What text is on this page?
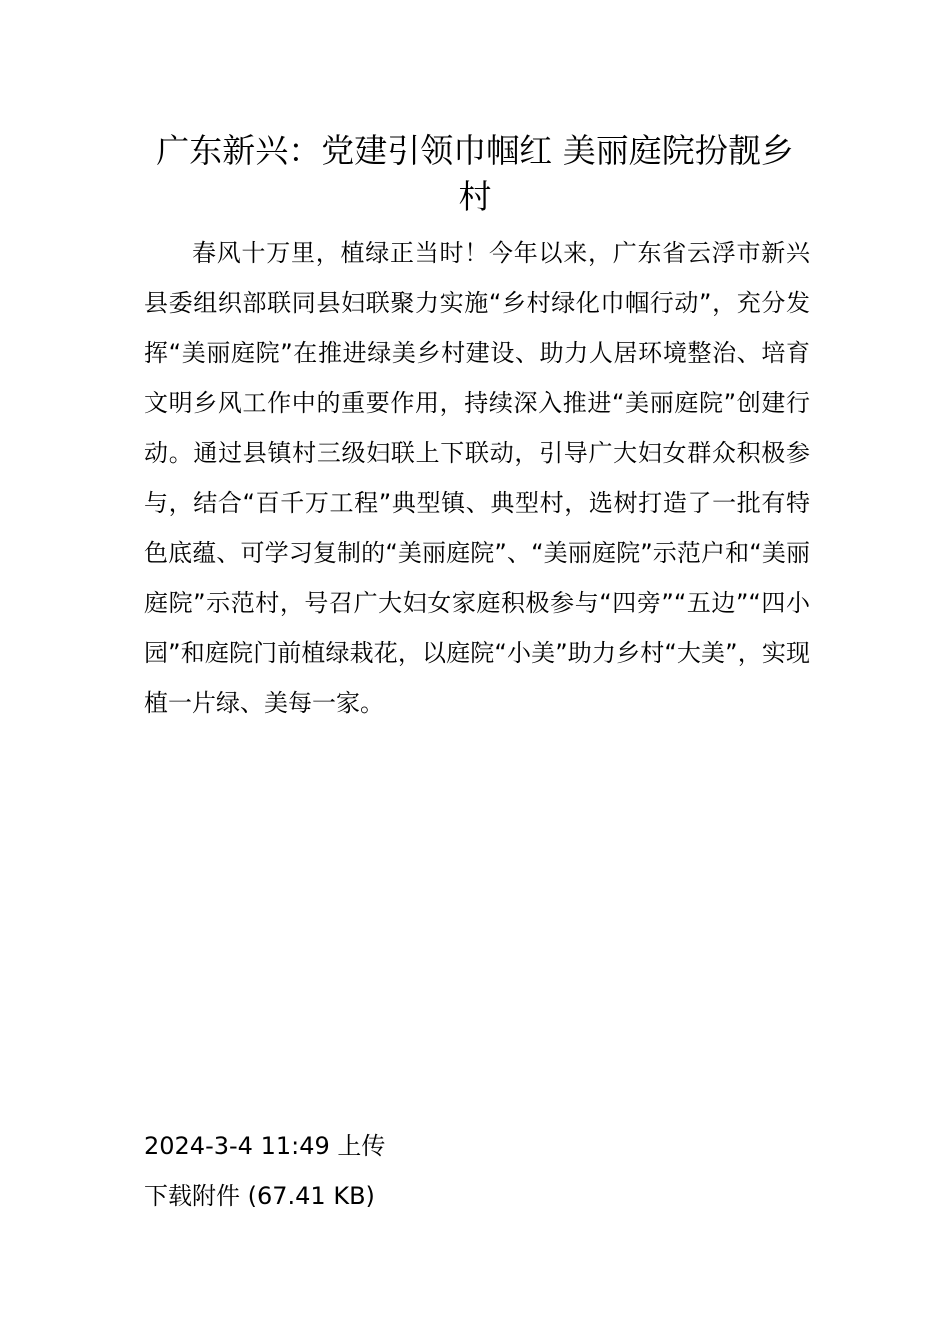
广东新兴：党建引领巾帼红 美丽庭院扮靓乡村

春风十万里，植绿正当时！今年以来，广东省云浮市新兴县委组织部联同县妇联聚力实施“乡村绿化巾帼行动”，充分发挥“美丽庭院”在推进绿美乡村建设、助力人居环境整治、培育文明乡风工作中的重要作用，持续深入推进“美丽庭院”创建行动。通过县镇村三级妇联上下联动，引导广大妇女群众积极参与，结合“百千万工程”典型镇、典型村，选树打造了一批有特色底蕴、可学习复制的“美丽庭院”、“美丽庭院”示范户和“美丽庭院”示范村，号召广大妇女家庭积极参与“四旁”“五边”“四小园”和庭院门前植绿栽花，以庭院“小美”助力乡村“大美”，实现植一片绿、美每一家。

2024-3-4 11:49 上传
下载附件 (67.41 KB)
